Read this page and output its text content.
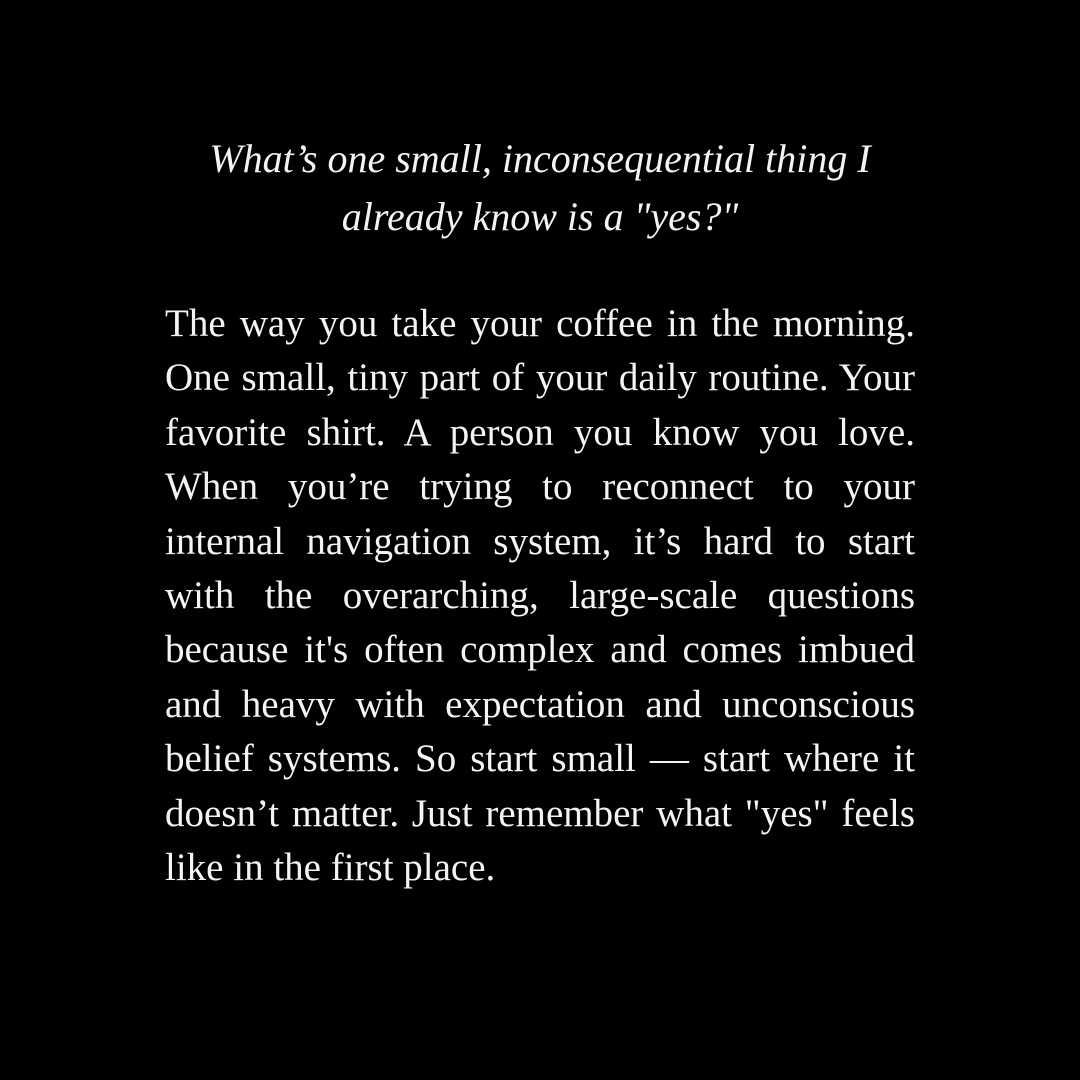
What’s one small, inconsequential thing I already know is a "yes?"

The way you take your coffee in the morning. One small, tiny part of your daily routine. Your favorite shirt. A person you know you love. When you’re trying to reconnect to your internal navigation system, it’s hard to start with the overarching, large-scale questions because it's often complex and comes imbued and heavy with expectation and unconscious belief systems. So start small — start where it doesn’t matter. Just remember what "yes" feels like in the first place.
